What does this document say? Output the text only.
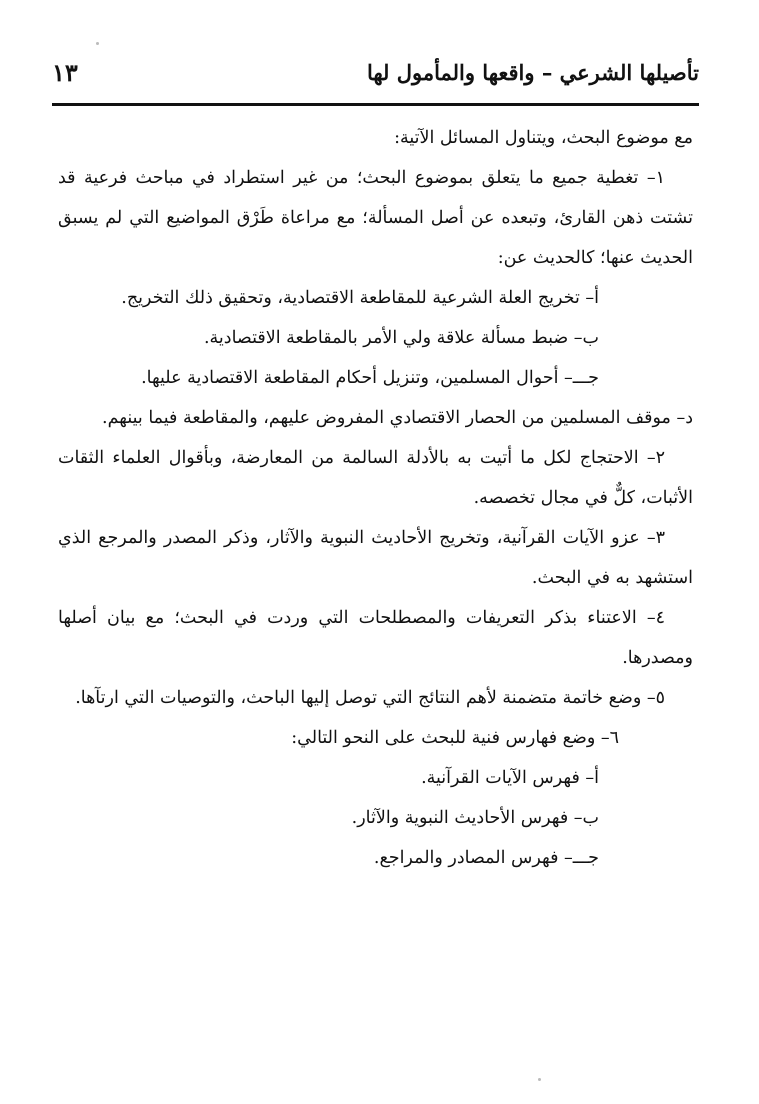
تأصيلها الشرعي – واقعها والمأمول لها
١٣

مع موضوع البحث، ويتناول المسائل الآتية:

١– تغطية جميع ما يتعلق بموضوع البحث؛ من غير استطراد في مباحث فرعية قد تشتت ذهن القارئ، وتبعده عن أصل المسألة؛ مع مراعاة طَرْق المواضيع التي لم يسبق الحديث عنها؛ كالحديث عن:

أ– تخريج العلة الشرعية للمقاطعة الاقتصادية، وتحقيق ذلك التخريج.

ب– ضبط مسألة علاقة ولي الأمر بالمقاطعة الاقتصادية.

جـــ– أحوال المسلمين، وتنزيل أحكام المقاطعة الاقتصادية عليها.

د– موقف المسلمين من الحصار الاقتصادي المفروض عليهم، والمقاطعة فيما بينهم.

٢– الاحتجاج لكل ما أتيت به بالأدلة السالمة من المعارضة، وبأقوال العلماء الثقات الأثبات، كلٌّ في مجال تخصصه.

٣– عزو الآيات القرآنية، وتخريج الأحاديث النبوية والآثار، وذكر المصدر والمرجع الذي استشهد به في البحث.

٤– الاعتناء بذكر التعريفات والمصطلحات التي وردت في البحث؛ مع بيان أصلها ومصدرها.

٥– وضع خاتمة متضمنة لأهم النتائج التي توصل إليها الباحث، والتوصيات التي ارتآها.

٦– وضع فهارس فنية للبحث على النحو التالي:

أ– فهرس الآيات القرآنية.
ب– فهرس الأحاديث النبوية والآثار.
جـــ– فهرس المصادر والمراجع.
